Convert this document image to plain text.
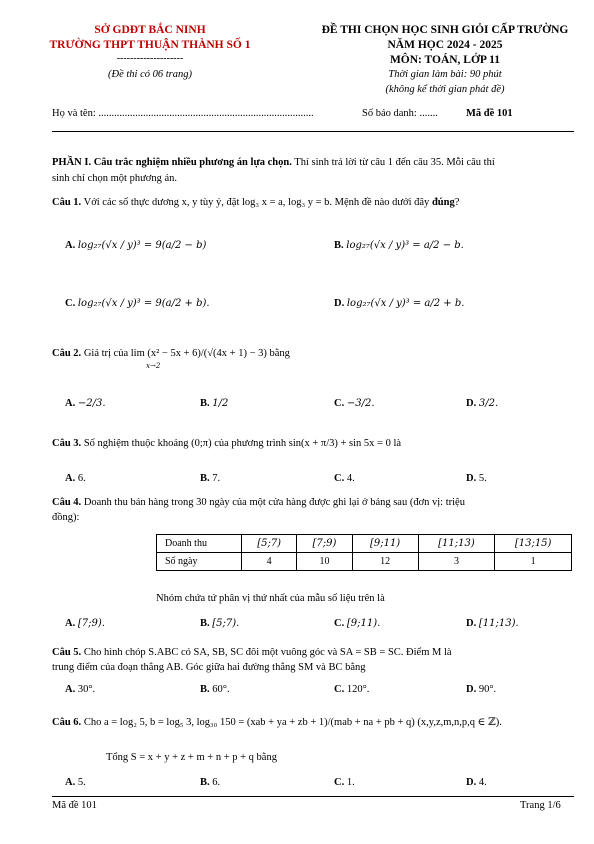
SỞ GDĐT BẮC NINH
TRƯỜNG THPT THUẬN THÀNH SỐ 1
--------------------
(Đề thi có 06 trang)
ĐỀ THI CHỌN HỌC SINH GIỎI CẤP TRƯỜNG
NĂM HỌC 2024 - 2025
MÔN: TOÁN, LỚP 11
Thời gian làm bài: 90 phút
(không kể thời gian phát đề)
Họ và tên: ..................................................................................	Số báo danh: .......	Mã đề 101
PHẦN I. Câu trắc nghiệm nhiều phương án lựa chọn. Thí sinh trả lời từ câu 1 đến câu 35. Mỗi câu thí
sinh chỉ chọn một phương án.
Câu 1. Với các số thực dương x, y tùy ý, đặt log₃ x = a, log₃ y = b. Mệnh đề nào dưới đây đúng?
A. log₂₇(√x / y)³ = 9(a/2 − b)	B. log₂₇(√x / y)³ = a/2 − b.
C. log₂₇(√x / y)³ = 9(a/2 + b).	D. log₂₇(√x / y)³ = a/2 + b.
Câu 2. Giá trị của lim (x² − 5x + 6)/(√(4x + 1) − 3) bằng
x→2
A. −2/3.	B. 1/2	C. −3/2.	D. 3/2.
Câu 3. Số nghiệm thuộc khoảng (0;π) của phương trình sin(x + π/3) + sin 5x = 0 là
A. 6.	B. 7.	C. 4.	D. 5.
Câu 4. Doanh thu bán hàng trong 30 ngày của một cửa hàng được ghi lại ở bảng sau (đơn vị: triệu
đồng):
Doanh thu	[5;7)	[7;9)	[9;11)	[11;13)	[13;15)
Số ngày	4	10	12	3	1
Nhóm chứa tứ phân vị thứ nhất của mẫu số liệu trên là
A. [7;9).	B. [5;7).	C. [9;11).	D. [11;13).
Câu 5. Cho hình chóp S.ABC có SA, SB, SC đôi một vuông góc và SA = SB = SC. Điểm M là
trung điểm của đoạn thẳng AB. Góc giữa hai đường thẳng SM và BC bằng
A. 30°.	B. 60°.	C. 120°.	D. 90°.
Câu 6. Cho a = log₂ 5, b = log₅ 3, log₃₀ 150 = (xab + ya + zb + 1)/(mab + na + pb + q) (x,y,z,m,n,p,q ∈ ℤ).
Tổng S = x + y + z + m + n + p + q bằng
A. 5.	B. 6.	C. 1.	D. 4.
Mã đề 101	Trang 1/6
